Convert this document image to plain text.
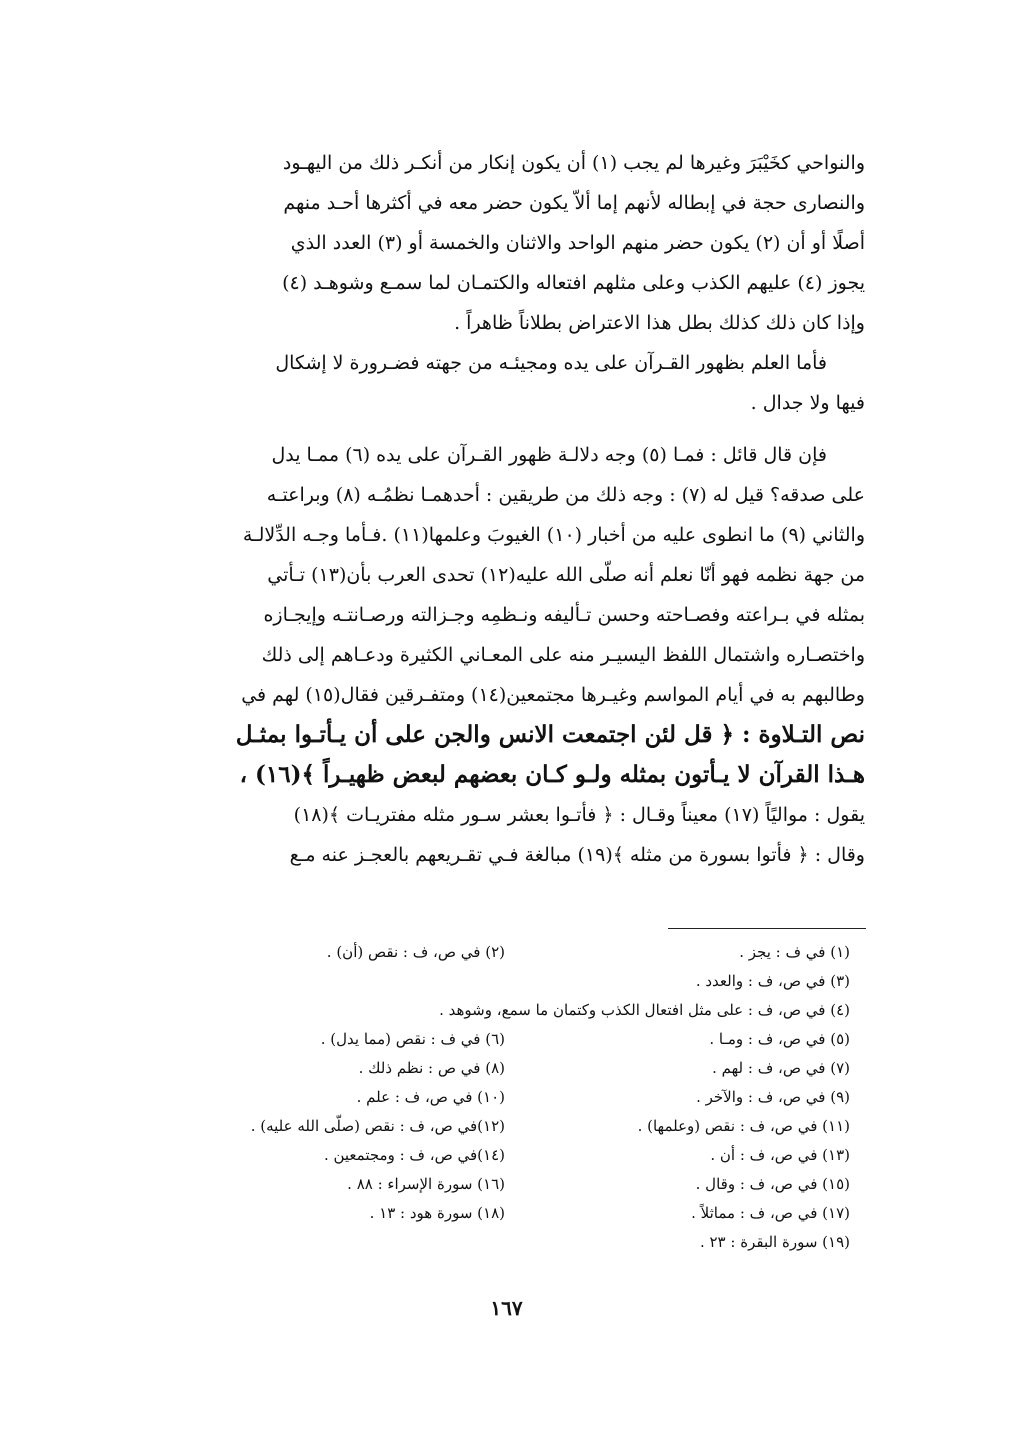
والنواحي كخَيْبَرَ وغيرها لم يجب (١) أن يكون إنكار من أنكـر ذلك من اليهـود
والنصارى حجة في إبطاله لأنهم إما ألاّ يكون حضر معه في أكثرها أحـد منهم
أصلًا أو أن (٢) يكون حضر منهم الواحد والاثنان والخمسة أو (٣) العدد الذي
يجوز (٤) عليهم الكذب وعلى مثلهم افتعاله والكتمـان لما سمـع وشوهـد (٤)
وإذا كان ذلك كذلك بطل هذا الاعتراض بطلاناً ظاهراً .
فأما العلم بظهور القـرآن على يده ومجيئـه من جهته فضـرورة لا إشكال
فيها ولا جدال .
فإن قال قائل : فمـا (٥) وجه دلالـة ظهور القـرآن على يده (٦) ممـا يدل
على صدقه؟ قيل له (٧) : وجه ذلك من طريقين : أحدهمـا نظمُـه (٨) وبراعتـه
والثاني (٩) ما انطوى عليه من أخبار (١٠) الغيوبَ وعلمها(١١) .فـأما وجـه الدِّلالـة
من جهة نظمه فهو أنّا نعلم أنه صلّى الله عليه(١٢) تحدى العرب بأن(١٣) تـأتي
بمثله في بـراعته وفصـاحته وحسن تـأليفه ونـظمِه وجـزالته ورصـانتـه وإيجـازه
واختصـاره واشتمال اللفظ اليسيـر منه على المعـاني الكثيرة ودعـاهم إلى ذلك
وطالبهم به في أيام المواسم وغيـرها مجتمعين(١٤) ومتفـرقين فقال(١٥) لهم في
نص التـلاوة : ﴿ قل لئن اجتمعت الانس والجن على أن يـأتـوا بمثـل
هـذا القرآن لا يـأتون بمثله ولـو كـان بعضهم لبعض ظهيـراً ﴾(١٦) ،
يقول : مواليًاً (١٧) معيناً وقـال : ﴿ فأتـوا بعشر سـور مثله مفتريـات ﴾(١٨)
وقال : ﴿ فأتوا بسورة من مثله ﴾(١٩) مبالغة فـي تقـريعهم بالعجـز عنه مـع
(١) في ف : يجز .
(٢) في ص، ف : نقص (أن) .
(٣) في ص، ف : والعدد .
(٤) في ص، ف : على مثل افتعال الكذب وكتمان ما سمع، وشوهد .
(٥) في ص، ف : ومـا .
(٦) في ف : نقص (مما يدل) .
(٧) في ص، ف : لهم .
(٨) في ص : نظم ذلك .
(٩) في ص، ف : والآخر .
(١٠) في ص، ف : علم .
(١١) في ص، ف : نقص (وعلمها) .
(١٢)في ص، ف : نقص (صلّى الله عليه) .
(١٣) في ص، ف : أن .
(١٤)في ص، ف : ومجتمعين .
(١٥) في ص، ف : وقال .
(١٦) سورة الإسراء : ٨٨ .
(١٧) في ص، ف : مماثلاً .
(١٨) سورة هود : ١٣ .
(١٩) سورة البقرة : ٢٣ .
١٦٧
